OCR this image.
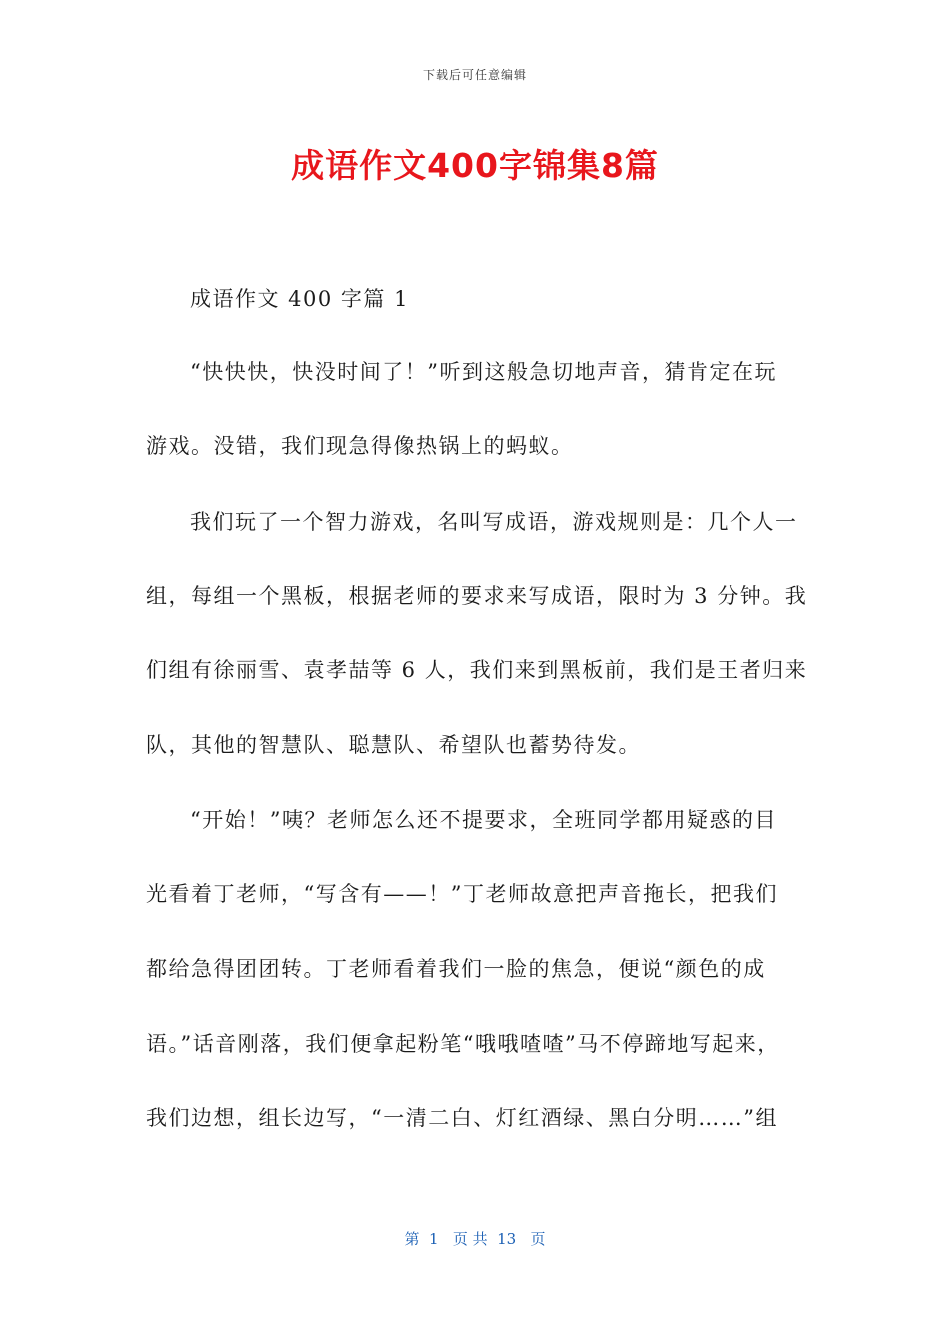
下载后可任意编辑
成语作文400字锦集8篇
成语作文 400 字篇 1
“快快快，快没时间了！”听到这般急切地声音，猜肯定在玩
游戏。没错，我们现急得像热锅上的蚂蚁。
我们玩了一个智力游戏，名叫写成语，游戏规则是：几个人一
组，每组一个黑板，根据老师的要求来写成语，限时为 3 分钟。我
们组有徐丽雪、袁孝喆等 6 人，我们来到黑板前，我们是王者归来
队，其他的智慧队、聪慧队、希望队也蓄势待发。
“开始！”咦？老师怎么还不提要求，全班同学都用疑惑的目
光看着丁老师，“写含有——！”丁老师故意把声音拖长，把我们
都给急得团团转。丁老师看着我们一脸的焦急，便说“颜色的成
语。”话音刚落，我们便拿起粉笔“哦哦喳喳”马不停蹄地写起来，
我们边想，组长边写，“一清二白、灯红酒绿、黑白分明……”组
第  1   页 共  13   页
